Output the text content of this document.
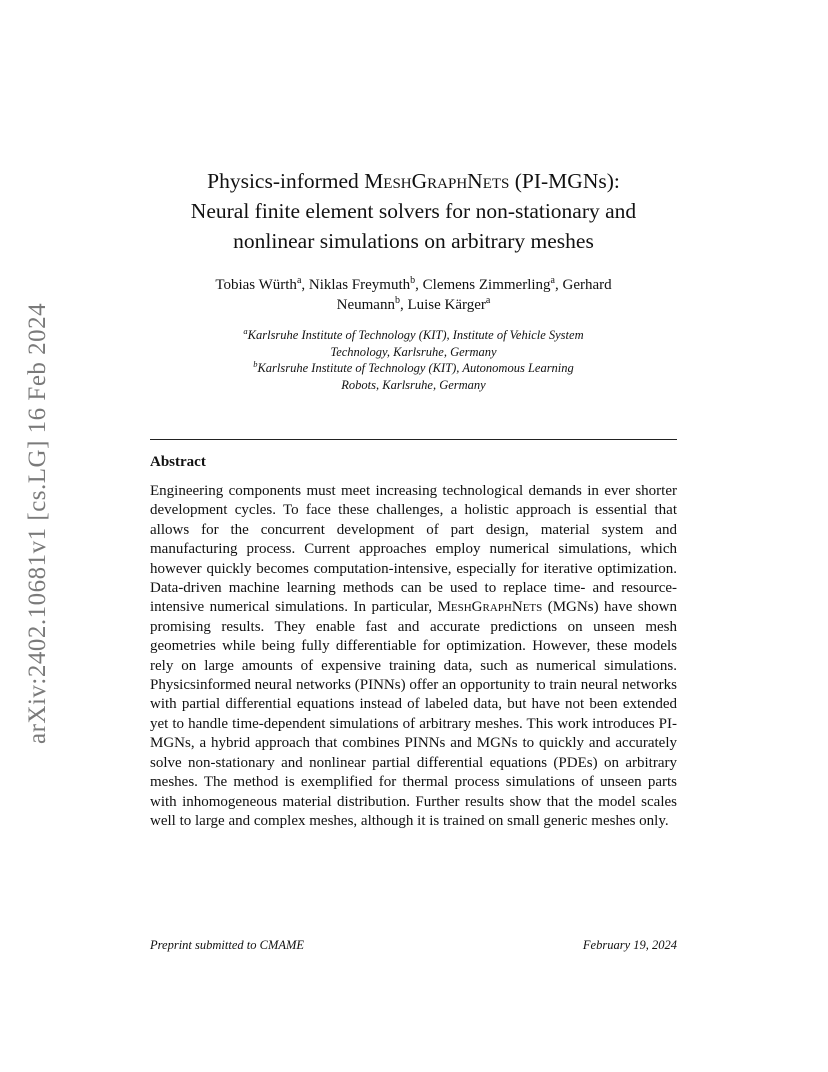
arXiv:2402.10681v1 [cs.LG] 16 Feb 2024
Physics-informed MeshGraphNets (PI-MGNs):
Neural finite element solvers for non-stationary and
nonlinear simulations on arbitrary meshes
Tobias Würth$^a$, Niklas Freymuth$^b$, Clemens Zimmerling$^a$, Gerhard
Neumann$^b$, Luise Kärger$^a$
$^a$Karlsruhe Institute of Technology (KIT), Institute of Vehicle System
Technology, Karlsruhe, Germany
$^b$Karlsruhe Institute of Technology (KIT), Autonomous Learning
Robots, Karlsruhe, Germany
Abstract
Engineering components must meet increasing technological demands in ever shorter development cycles. To face these challenges, a holistic approach is essential that allows for the concurrent development of part design, material system and manufacturing process. Current approaches employ numerical simulations, which however quickly becomes computation-intensive, especially for iterative optimization. Data-driven machine learning methods can be used to replace time- and resource-intensive numerical simulations. In particular, MeshGraphNets (MGNs) have shown promising results. They enable fast and accurate predictions on unseen mesh geometries while being fully differentiable for optimization. However, these models rely on large amounts of expensive training data, such as numerical simulations. Physicsinformed neural networks (PINNs) offer an opportunity to train neural networks with partial differential equations instead of labeled data, but have not been extended yet to handle time-dependent simulations of arbitrary meshes. This work introduces PI-MGNs, a hybrid approach that combines PINNs and MGNs to quickly and accurately solve non-stationary and nonlinear partial differential equations (PDEs) on arbitrary meshes. The method is exemplified for thermal process simulations of unseen parts with inhomogeneous material distribution. Further results show that the model scales well to large and complex meshes, although it is trained on small generic meshes only.
Preprint submitted to CMAME	February 19, 2024
